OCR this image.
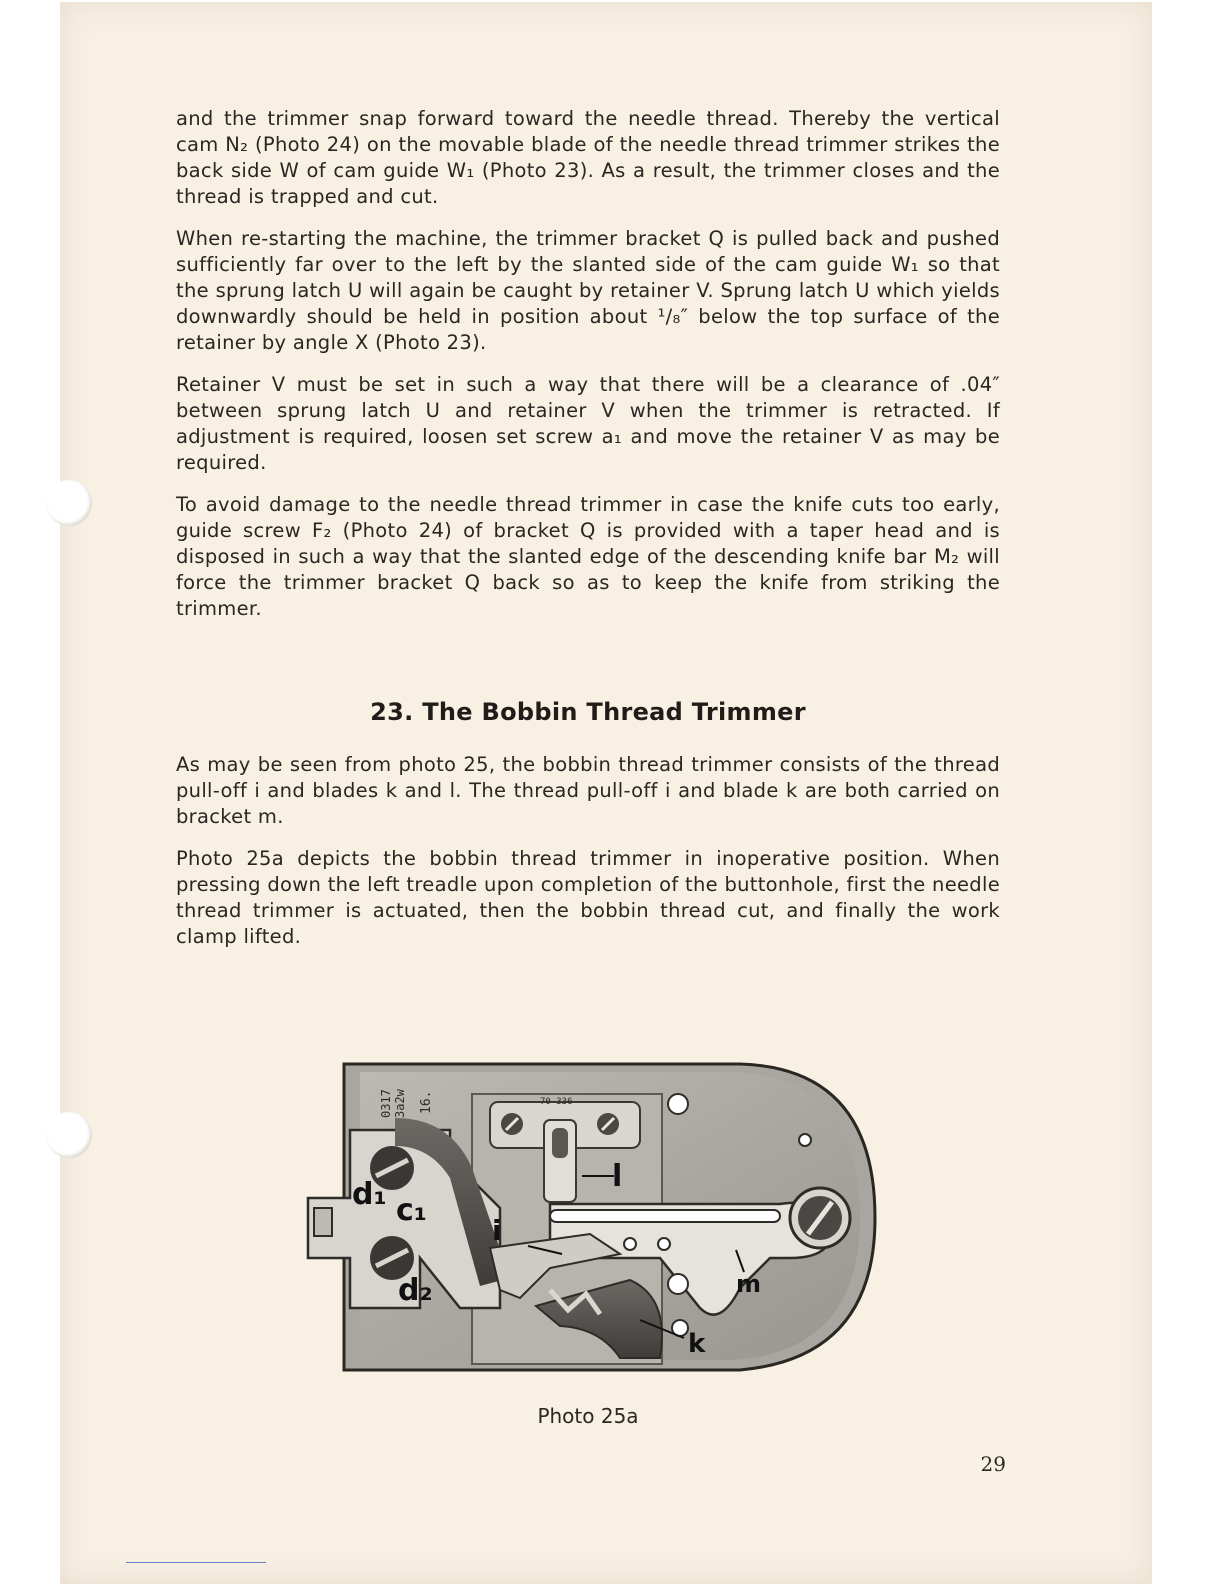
and the trimmer snap forward toward the needle thread. Thereby the vertical cam N₂ (Photo 24) on the movable blade of the needle thread trimmer strikes the back side W of cam guide W₁ (Photo 23). As a result, the trimmer closes and the thread is trapped and cut.

When re-starting the machine, the trimmer bracket Q is pulled back and pushed sufficiently far over to the left by the slanted side of the cam guide W₁ so that the sprung latch U will again be caught by retainer V. Sprung latch U which yields downwardly should be held in position about ¹/₈″ below the top surface of the retainer by angle X (Photo 23).

Retainer V must be set in such a way that there will be a clearance of .04″ between sprung latch U and retainer V when the trimmer is retracted. If adjustment is required, loosen set screw a₁ and move the retainer V as may be required.

To avoid damage to the needle thread trimmer in case the knife cuts too early, guide screw F₂ (Photo 24) of bracket Q is provided with a taper head and is disposed in such a way that the slanted edge of the descending knife bar M₂ will force the trimmer bracket Q back so as to keep the knife from striking the trimmer.

23. The Bobbin Thread Trimmer

As may be seen from photo 25, the bobbin thread trimmer consists of the thread pull-off i and blades k and l. The thread pull-off i and blade k are both carried on bracket m.

Photo 25a depicts the bobbin thread trimmer in inoperative position. When pressing down the left treadle upon completion of the buttonhole, first the needle thread trimmer is actuated, then the bobbin thread cut, and finally the work clamp lifted.

0317 3a2w 16.	70 336
d₁ c₁
d₂
i
l
m
k
Photo 25a
29
